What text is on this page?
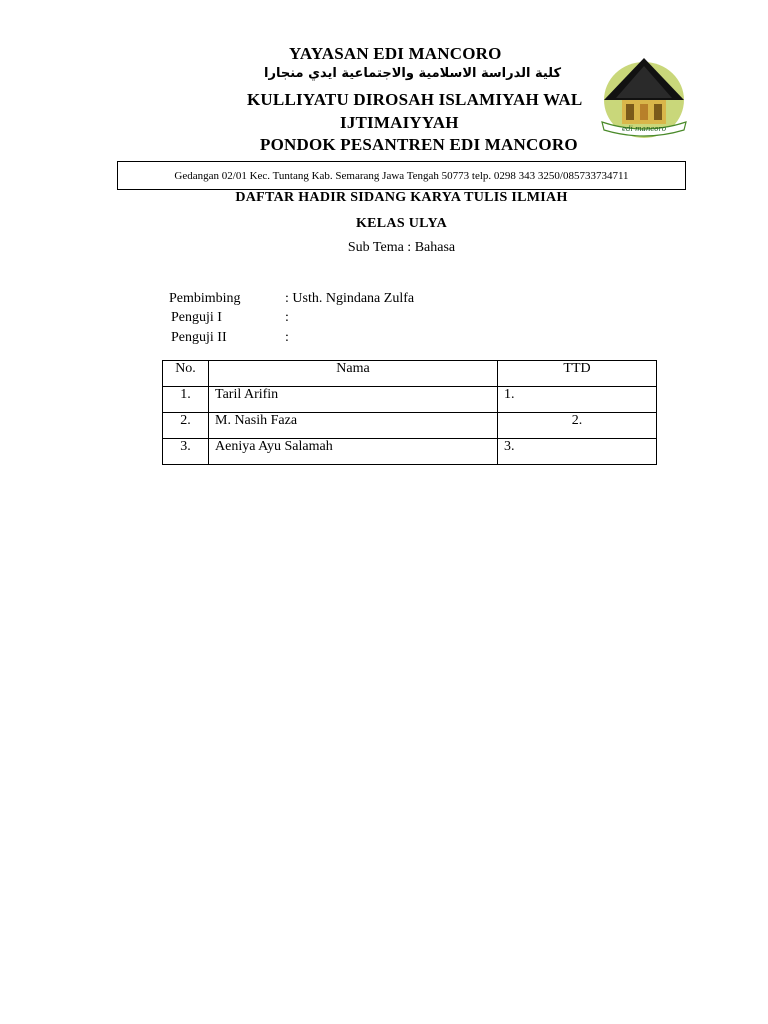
YAYASAN EDI MANCORO
كلية الدراسة الاسلامية والاجتماعية ايدي منجارا
KULLIYATU DIROSAH ISLAMIYAH WAL
IJTIMAIYYAH
PONDOK PESANTREN EDI MANCORO
edi mancoro
Gedangan 02/01 Kec. Tuntang Kab. Semarang Jawa Tengah 50773 telp. 0298 343 3250/085733734711
DAFTAR HADIR SIDANG KARYA TULIS ILMIAH
KELAS ULYA
Sub Tema : Bahasa
Pembimbing	: Usth. Ngindana Zulfa
Penguji I	:
Penguji II	:
No.	Nama	TTD
1.	Taril Arifin	1.
2.	M. Nasih Faza	2.
3.	Aeniya Ayu Salamah	3.
